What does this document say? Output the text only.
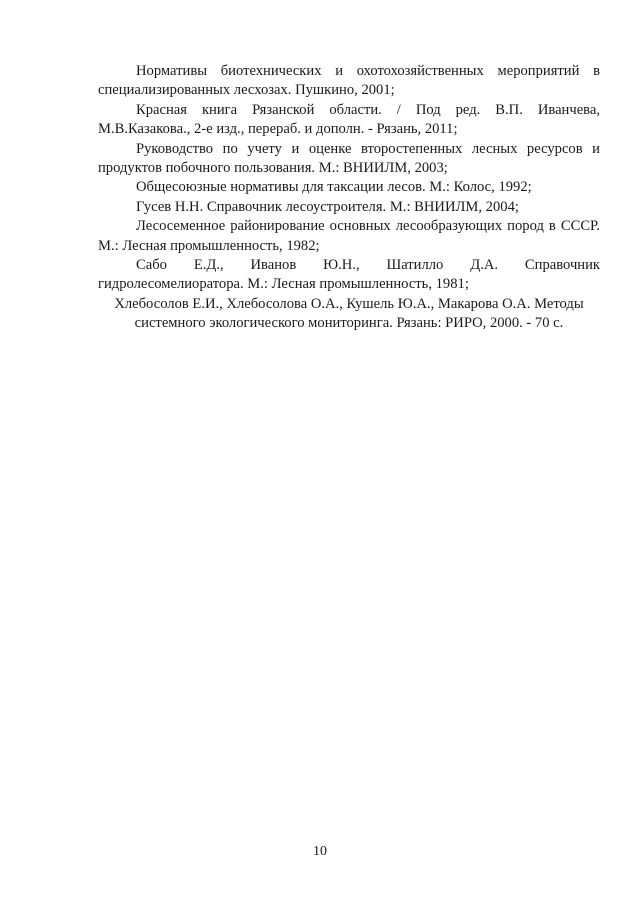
Нормативы биотехнических и охотохозяйственных мероприятий в специализированных лесхозах. Пушкино, 2001;

Красная книга Рязанской области. / Под ред. В.П. Иванчева, М.В.Казакова., 2-е изд., перераб. и дополн. - Рязань, 2011;

Руководство по учету и оценке второстепенных лесных ресурсов и продуктов побочного пользования. М.: ВНИИЛМ, 2003;

Общесоюзные нормативы для таксации лесов. М.: Колос, 1992;

Гусев Н.Н. Справочник лесоустроителя. М.: ВНИИЛМ, 2004;

Лесосеменное районирование основных лесообразующих пород в СССР. М.: Лесная промышленность, 1982;

Сабо Е.Д., Иванов Ю.Н., Шатилло Д.А. Справочник гидролесомелиоратора. М.: Лесная промышленность, 1981;

Хлебосолов Е.И., Хлебосолова О.А., Кушель Ю.А., Макарова О.А. Методы системного экологического мониторинга. Рязань: РИРО, 2000. - 70 с.

10
